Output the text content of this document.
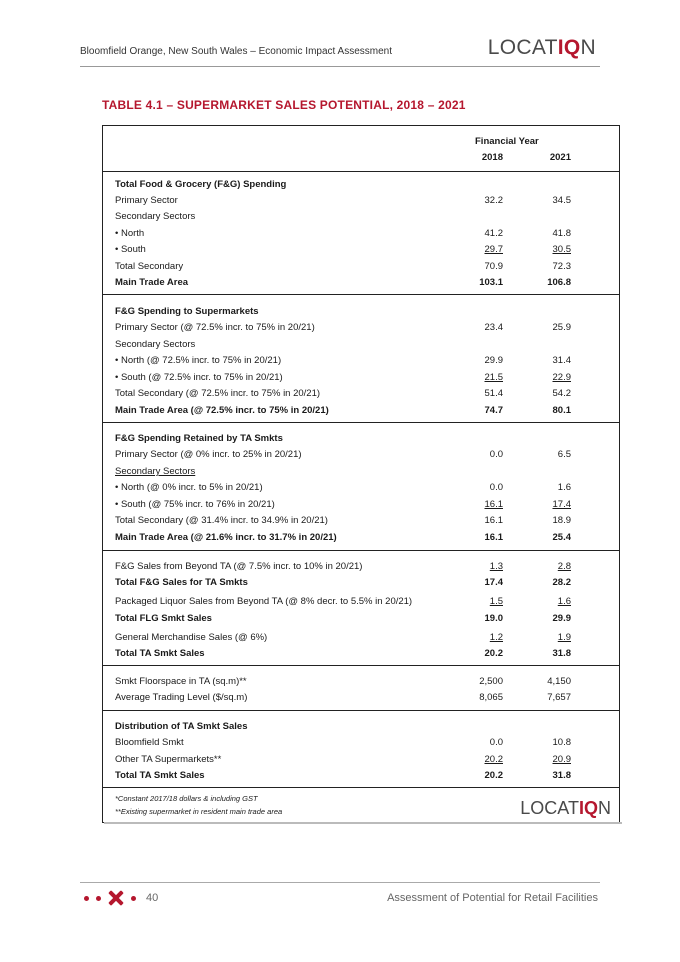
Bloomfield Orange, New South Wales – Economic Impact Assessment	LOCATIQN
TABLE 4.1 – SUPERMARKET SALES POTENTIAL, 2018 – 2021
Financial Year
2018	2021
Total Food & Grocery (F&G) Spending
Primary Sector	32.2	34.5
Secondary Sectors
• North	41.2	41.8
• South	29.7	30.5
Total Secondary	70.9	72.3
Main Trade Area	103.1	106.8
F&G Spending to Supermarkets
Primary Sector (@ 72.5% incr. to 75% in 20/21)	23.4	25.9
Secondary Sectors
• North (@ 72.5% incr. to 75% in 20/21)	29.9	31.4
• South (@ 72.5% incr. to 75% in 20/21)	21.5	22.9
Total Secondary (@ 72.5% incr. to 75% in 20/21)	51.4	54.2
Main Trade Area (@ 72.5% incr. to 75% in 20/21)	74.7	80.1
F&G Spending Retained by TA Smkts
Primary Sector (@ 0% incr. to 25% in 20/21)	0.0	6.5
Secondary Sectors
• North (@ 0% incr. to 5% in 20/21)	0.0	1.6
• South (@ 75% incr. to 76% in 20/21)	16.1	17.4
Total Secondary (@ 31.4% incr. to 34.9% in 20/21)	16.1	18.9
Main Trade Area (@ 21.6% incr. to 31.7% in 20/21)	16.1	25.4
F&G Sales from Beyond TA (@ 7.5% incr. to 10% in 20/21)	1.3	2.8
Total F&G Sales for TA Smkts	17.4	28.2
Packaged Liquor Sales from Beyond TA (@ 8% decr. to 5.5% in 20/21)	1.5	1.6
Total FLG Smkt Sales	19.0	29.9
General Merchandise Sales (@ 6%)	1.2	1.9
Total TA Smkt Sales	20.2	31.8
Smkt Floorspace in TA (sq.m)**	2,500	4,150
Average Trading Level ($/sq.m)	8,065	7,657
Distribution of TA Smkt Sales
Bloomfield Smkt	0.0	10.8
Other TA Supermarkets**	20.2	20.9
Total TA Smkt Sales	20.2	31.8
*Constant 2017/18 dollars & including GST
**Existing supermarket in resident main trade area	LOCATIQN
40	Assessment of Potential for Retail Facilities
